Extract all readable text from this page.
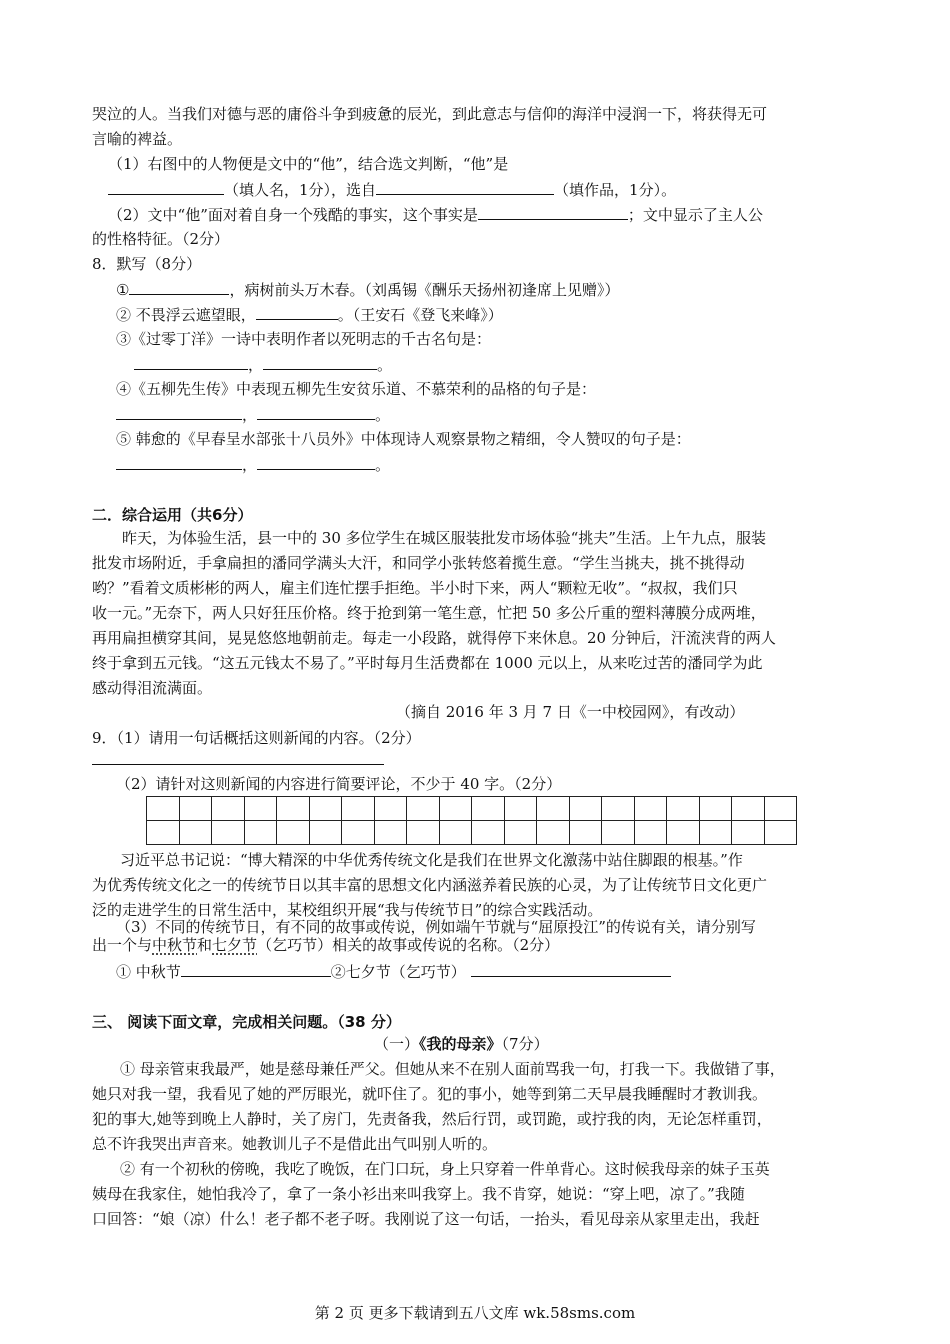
哭泣的人。当我们对德与恶的庸俗斗争到疲惫的辰光，到此意志与信仰的海洋中浸润一下，将获得无可
言喻的裨益。
（1）右图中的人物便是文中的“他”，结合选文判断，“他”是
（填人名，1分），选自	（填作品，1分）。
（2）文中“他”面对着自身一个残酷的事实，这个事实是	；文中显示了主人公
的性格特征。（2分）
8．默写（8分）
①	，病树前头万木春。（刘禹锡《酬乐天扬州初逢席上见赠》）
② 不畏浮云遮望眼，	。（王安石《登飞来峰》）
③《过零丁洋》一诗中表明作者以死明志的千古名句是：
，	。
④《五柳先生传》中表现五柳先生安贫乐道、不慕荣利的品格的句子是：
，	。
⑤ 韩愈的《早春呈水部张十八员外》中体现诗人观察景物之精细，令人赞叹的句子是：
，	。
二．综合运用（共6分）
昨天，为体验生活，县一中的 30 多位学生在城区服装批发市场体验“挑夫”生活。上午九点，服装
批发市场附近，手拿扁担的潘同学满头大汗，和同学小张转悠着揽生意。“学生当挑夫，挑不挑得动
哟？”看着文质彬彬的两人，雇主们连忙摆手拒绝。半小时下来，两人“颗粒无收”。“叔叔，我们只
收一元。”无奈下，两人只好狂压价格。终于抢到第一笔生意，忙把 50 多公斤重的塑料薄膜分成两堆，
再用扁担横穿其间，晃晃悠悠地朝前走。每走一小段路，就得停下来休息。20 分钟后，汗流浃背的两人
终于拿到五元钱。“这五元钱太不易了。”平时每月生活费都在 1000 元以上，从来吃过苦的潘同学为此
感动得泪流满面。
（摘自 2016 年 3 月 7 日《一中校园网》，有改动）
9．（1）请用一句话概括这则新闻的内容。（2分）
（2）请针对这则新闻的内容进行简要评论，不少于 40 字。（2分）

习近平总书记说：“博大精深的中华优秀传统文化是我们在世界文化激荡中站住脚跟的根基。”作
为优秀传统文化之一的传统节日以其丰富的思想文化内涵滋养着民族的心灵，为了让传统节日文化更广
泛的走进学生的日常生活中，某校组织开展“我与传统节日”的综合实践活动。
（3）不同的传统节日，有不同的故事或传说，例如端午节就与“屈原投江”的传说有关，请分别写
出一个与中秋节和七夕节（乞巧节）相关的故事或传说的名称。（2分）
① 中秋节	②七夕节（乞巧节）
三、 阅读下面文章，完成相关问题。（38 分）
（一）《我的母亲》（7分）
① 母亲管束我最严，她是慈母兼任严父。但她从来不在别人面前骂我一句，打我一下。我做错了事，
她只对我一望，我看见了她的严厉眼光，就吓住了。犯的事小，她等到第二天早晨我睡醒时才教训我。
犯的事大,她等到晚上人静时，关了房门，先责备我，然后行罚，或罚跪，或拧我的肉，无论怎样重罚，
总不许我哭出声音来。她教训儿子不是借此出气叫别人听的。
② 有一个初秋的傍晚，我吃了晚饭，在门口玩，身上只穿着一件单背心。这时候我母亲的妹子玉英
姨母在我家住，她怕我冷了，拿了一条小衫出来叫我穿上。我不肯穿，她说：“穿上吧，凉了。”我随
口回答：“娘（凉）什么！老子都不老子呀。我刚说了这一句话，一抬头，看见母亲从家里走出，我赶
第 2 页 更多下载请到五八文库 wk.58sms.com
